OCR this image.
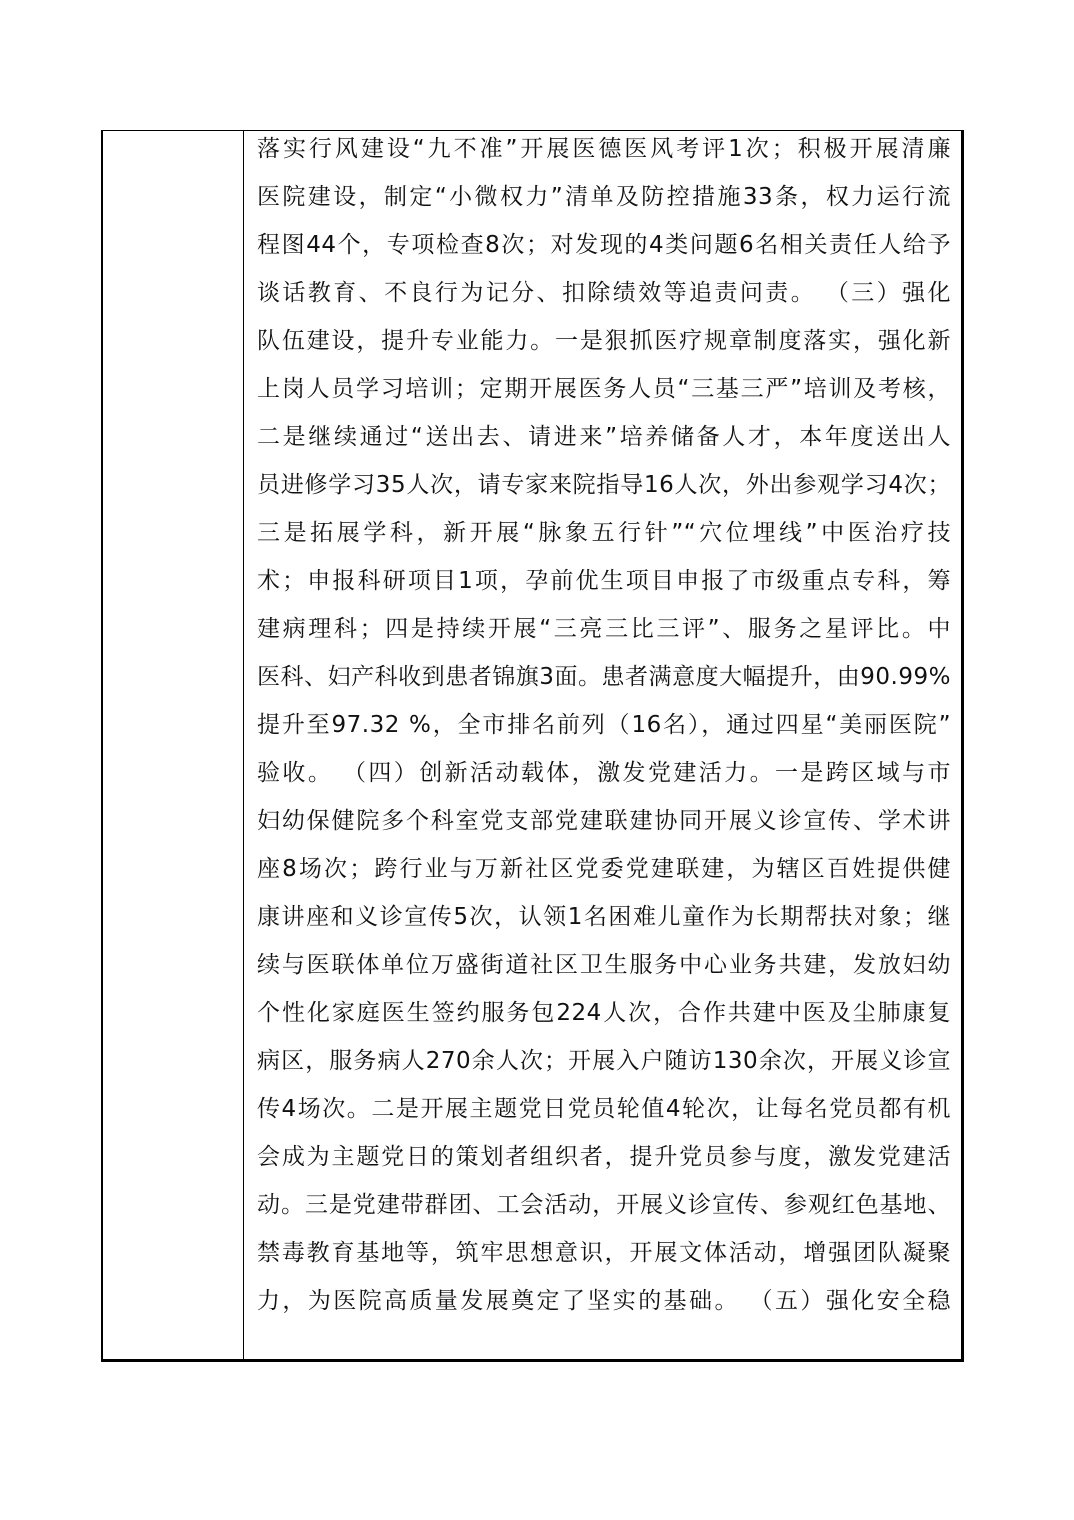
落实行风建设“九不准”开展医德医风考评1次；积极开展清廉
医院建设，制定“小微权力”清单及防控措施33条，权力运行流
程图44个，专项检查8次；对发现的4类问题6名相关责任人给予
谈话教育、不良行为记分、扣除绩效等追责问责。 （三）强化
队伍建设，提升专业能力。一是狠抓医疗规章制度落实，强化新
上岗人员学习培训；定期开展医务人员“三基三严”培训及考核，
二是继续通过“送出去、请进来”培养储备人才，本年度送出人
员进修学习35人次，请专家来院指导16人次，外出参观学习4次；
三是拓展学科，新开展“脉象五行针”“穴位埋线”中医治疗技
术；申报科研项目1项，孕前优生项目申报了市级重点专科，筹
建病理科；四是持续开展“三亮三比三评”、服务之星评比。中
医科、妇产科收到患者锦旗3面。患者满意度大幅提升，由90.99%
提升至97.32 %，全市排名前列（16名），通过四星“美丽医院”
验收。 （四）创新活动载体，激发党建活力。一是跨区域与市
妇幼保健院多个科室党支部党建联建协同开展义诊宣传、学术讲
座8场次；跨行业与万新社区党委党建联建，为辖区百姓提供健
康讲座和义诊宣传5次，认领1名困难儿童作为长期帮扶对象；继
续与医联体单位万盛街道社区卫生服务中心业务共建，发放妇幼
个性化家庭医生签约服务包224人次，合作共建中医及尘肺康复
病区，服务病人270余人次；开展入户随访130余次，开展义诊宣
传4场次。二是开展主题党日党员轮值4轮次，让每名党员都有机
会成为主题党日的策划者组织者，提升党员参与度，激发党建活
动。三是党建带群团、工会活动，开展义诊宣传、参观红色基地、
禁毒教育基地等，筑牢思想意识，开展文体活动，增强团队凝聚
力，为医院高质量发展奠定了坚实的基础。 （五）强化安全稳
